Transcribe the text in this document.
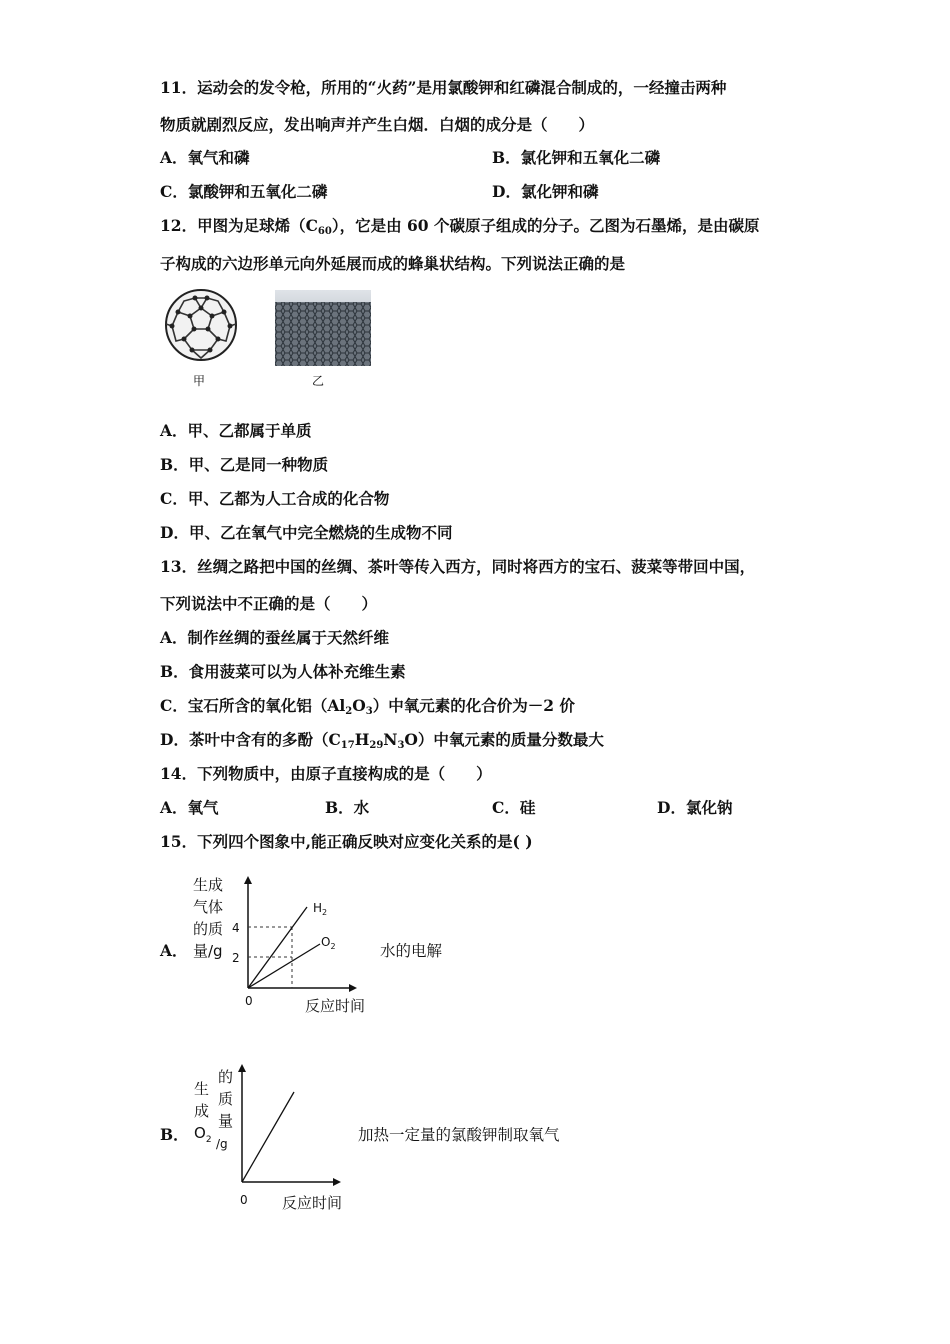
11．运动会的发令枪，所用的“火药”是用氯酸钾和红磷混合制成的，一经撞击两种
物质就剧烈反应，发出响声并产生白烟．白烟的成分是（　　）
A．氧气和磷	B．氯化钾和五氧化二磷
C．氯酸钾和五氧化二磷	D．氯化钾和磷
12．甲图为足球烯$(C_{60})$，它是由 60 个碳原子组成的分子。乙图为石墨烯，是由碳原
子构成的六边形单元向外延展而成的蜂巢状结构。下列说法正确的是
甲	乙
A．甲、乙都属于单质
B．甲、乙是同一种物质
C．甲、乙都为人工合成的化合物
D．甲、乙在氧气中完全燃烧的生成物不同
13．丝绸之路把中国的丝绸、茶叶等传入西方，同时将西方的宝石、菠菜等带回中国，
下列说法中不正确的是（　　）
A．制作丝绸的蚕丝属于天然纤维
B．食用菠菜可以为人体补充维生素
C．宝石所含的氧化铝$(Al_2O_3)$中氧元素的化合价为－2 价
D．茶叶中含有的多酚$(C_{17}H_{29}N_3O)$中氧元素的质量分数最大
14．下列物质中，由原子直接构成的是（　　）
A．氧气	B．水	C．硅	D．氯化钠
15．下列四个图象中,能正确反映对应变化关系的是( )
A．
生成
气体
的质
量/g
4
2
0
$H_2$
$O_2$
反应时间
水的电解
B．
生
成
$O_2$
的
质
量
/g
0 反应时间
加热一定量的氯酸钾制取氧气
